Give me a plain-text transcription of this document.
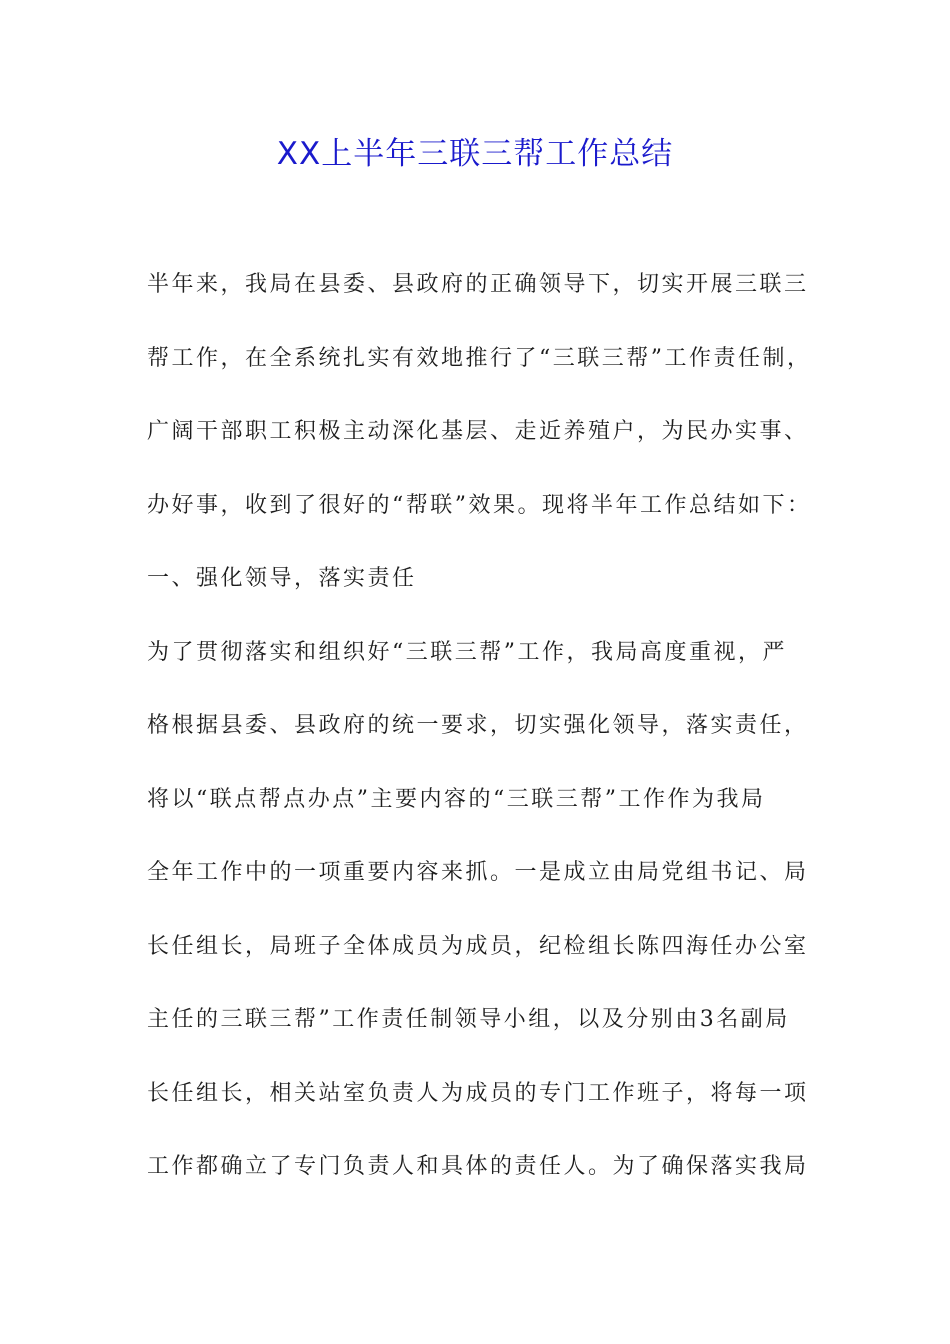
XX上半年三联三帮工作总结
半年来，我局在县委、县政府的正确领导下，切实开展三联三
帮工作，在全系统扎实有效地推行了“三联三帮”工作责任制，
广阔干部职工积极主动深化基层、走近养殖户，为民办实事、
办好事，收到了很好的“帮联”效果。现将半年工作总结如下：
一、强化领导，落实责任
为了贯彻落实和组织好“三联三帮”工作，我局高度重视，严
格根据县委、县政府的统一要求，切实强化领导，落实责任，
将以“联点帮点办点”主要内容的“三联三帮”工作作为我局
全年工作中的一项重要内容来抓。一是成立由局党组书记、局
长任组长，局班子全体成员为成员，纪检组长陈四海任办公室
主任的三联三帮”工作责任制领导小组，以及分别由3名副局
长任组长，相关站室负责人为成员的专门工作班子，将每一项
工作都确立了专门负责人和具体的责任人。为了确保落实我局
